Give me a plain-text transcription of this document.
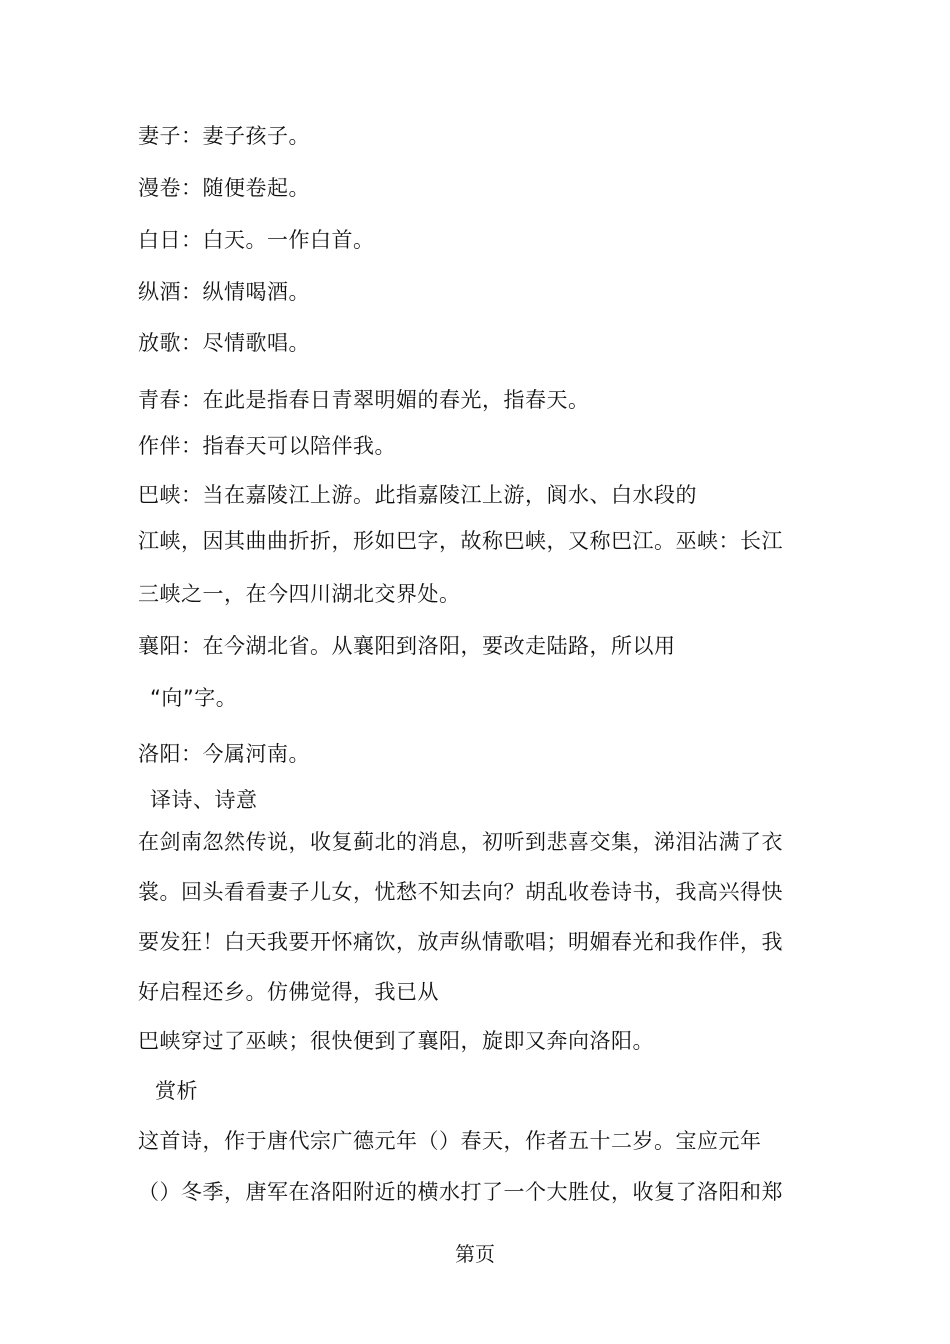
妻子：妻子孩子。
漫卷：随便卷起。
白日：白天。一作白首。
纵酒：纵情喝酒。
放歌：尽情歌唱。
青春：在此是指春日青翠明媚的春光，指春天。
作伴：指春天可以陪伴我。
巴峡：当在嘉陵江上游。此指嘉陵江上游，阆水、白水段的
江峡，因其曲曲折折，形如巴字，故称巴峡，又称巴江。巫峡：长江
三峡之一，在今四川湖北交界处。
襄阳：在今湖北省。从襄阳到洛阳，要改走陆路，所以用
“向”字。
洛阳：今属河南。
译诗、诗意
在剑南忽然传说，收复蓟北的消息，初听到悲喜交集，涕泪沾满了衣
裳。回头看看妻子儿女，忧愁不知去向？胡乱收卷诗书，我高兴得快
要发狂！白天我要开怀痛饮，放声纵情歌唱；明媚春光和我作伴，我
好启程还乡。仿佛觉得，我已从
巴峡穿过了巫峡；很快便到了襄阳，旋即又奔向洛阳。
赏析
这首诗，作于唐代宗广德元年（）春天，作者五十二岁。宝应元年
（）冬季，唐军在洛阳附近的横水打了一个大胜仗，收复了洛阳和郑
第页
